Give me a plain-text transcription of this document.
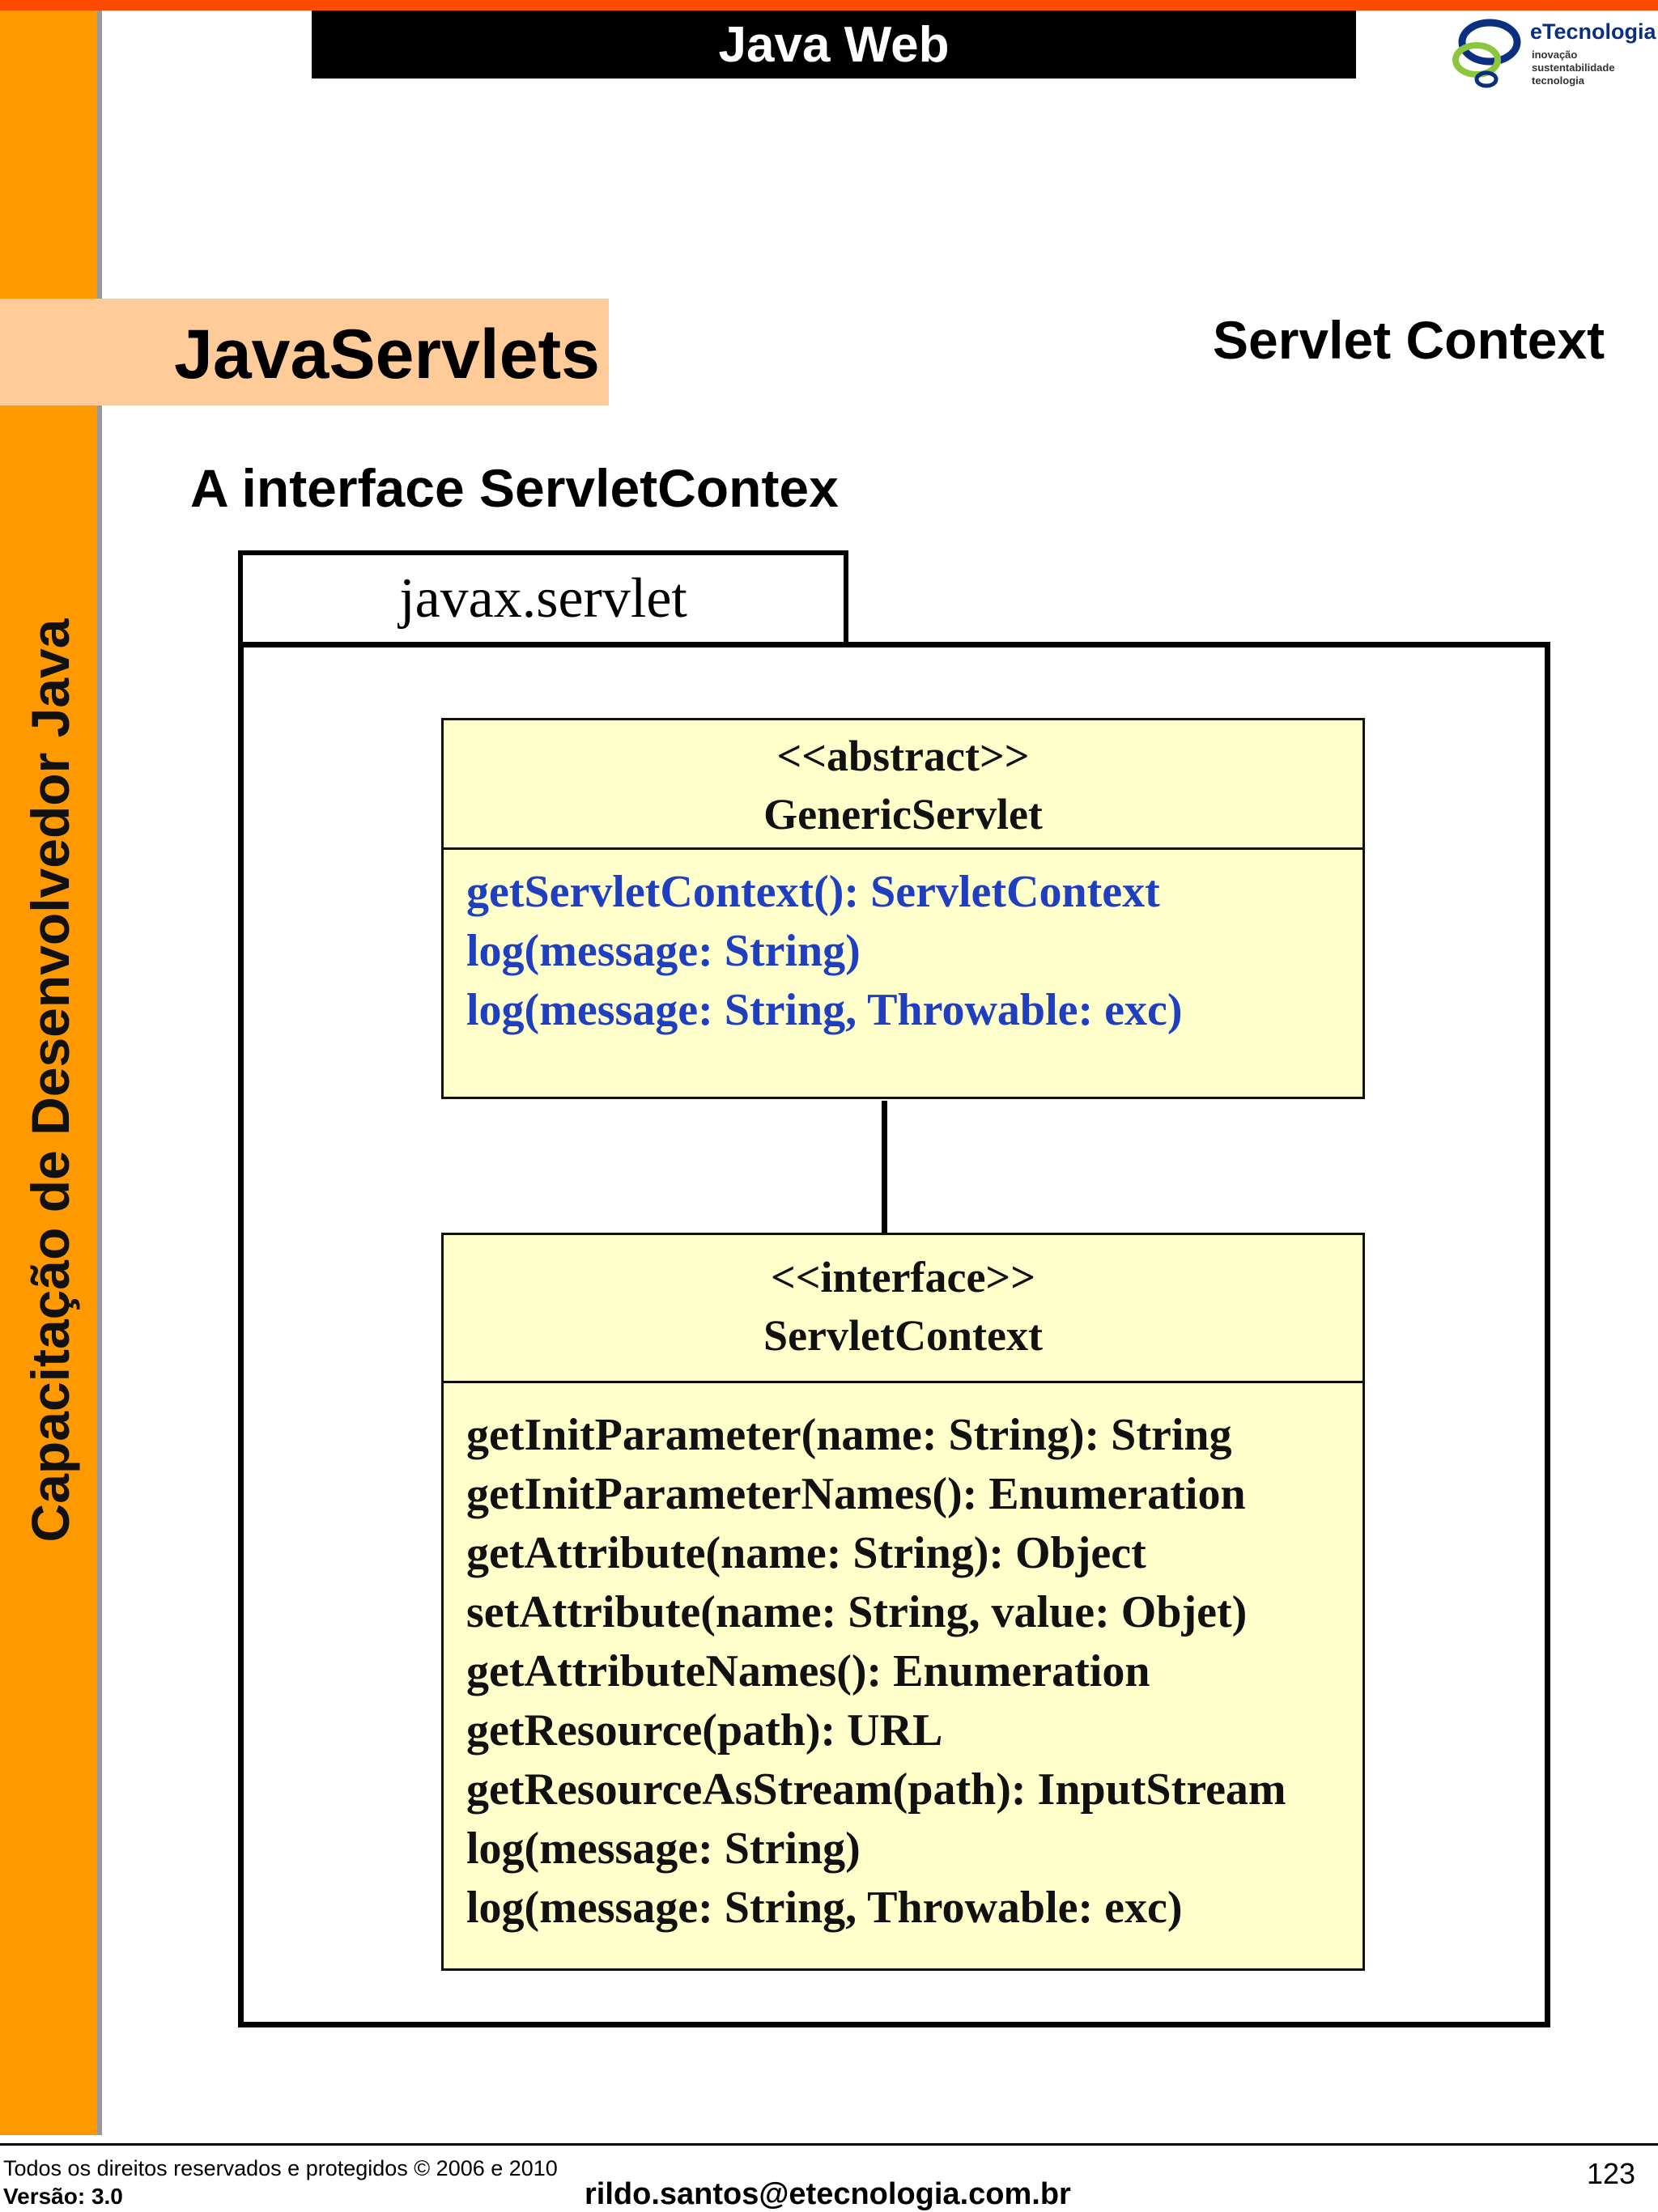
Capacitação de Desenvolvedor Java
Java Web	eTecnologia
inovação
sustentabilidade
tecnologia
JavaServlets	Servlet Context
A interface ServletContex
javax.servlet
<<abstract>>
GenericServlet
getServletContext(): ServletContext
log(message: String)
log(message: String, Throwable: exc)
<<interface>>
ServletContext
getInitParameter(name: String): String
getInitParameterNames(): Enumeration
getAttribute(name: String): Object
setAttribute(name: String, value: Objet)
getAttributeNames(): Enumeration
getResource(path): URL
getResourceAsStream(path): InputStream
log(message: String)
log(message: String, Throwable: exc)
Todos os direitos reservados e protegidos © 2006 e 2010
Versão: 3.0	rildo.santos@etecnologia.com.br
123
